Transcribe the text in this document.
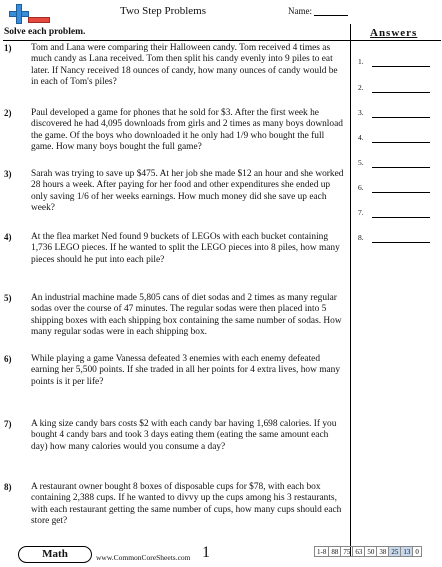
Two Step Problems	Name:
Solve each problem.	Answers
1) Tom and Lana were comparing their Halloween candy. Tom received 4 times as much candy as Lana received. Tom then split his candy evenly into 9 piles to eat later. If Nancy received 18 ounces of candy, how many ounces of candy would be in each of Tom's piles?
2) Paul developed a game for phones that he sold for $3. After the first week he discovered he had 4,095 downloads from girls and 2 times as many boys download the game. Of the boys who downloaded it he only had 1/9 who bought the full game. How many boys bought the full game?
3) Sarah was trying to save up $475. At her job she made $12 an hour and she worked 28 hours a week. After paying for her food and other expenditures she ended up only saving 1/6 of her weeks earnings. How much money did she save up each week?
4) At the flea market Ned found 9 buckets of LEGOs with each bucket containing 1,736 LEGO pieces. If he wanted to split the LEGO pieces into 8 piles, how many pieces should he put into each pile?
5) An industrial machine made 5,805 cans of diet sodas and 2 times as many regular sodas over the course of 47 minutes. The regular sodas were then placed into 5 shipping boxes with each shipping box containing the same number of sodas. How many regular sodas were in each shipping box.
6) While playing a game Vanessa defeated 3 enemies with each enemy defeated earning her 5,500 points. If she traded in all her points for 4 extra lives, how many points is it per life?
7) A king size candy bars costs $2 with each candy bar having 1,698 calories. If you bought 4 candy bars and took 3 days eating them (eating the same amount each day) how many calories would you consume a day?
8) A restaurant owner bought 8 boxes of disposable cups for $78, with each box containing 2,388 cups. If he wanted to divvy up the cups among his 3 restaurants, with each restaurant getting the same number of cups, how many cups should each store get?
1.
2.
3.
4.
5.
6.
7.
8.
Math	www.CommonCoreSheets.com 1	1-8	88	75	63	50	38	25	13	0
